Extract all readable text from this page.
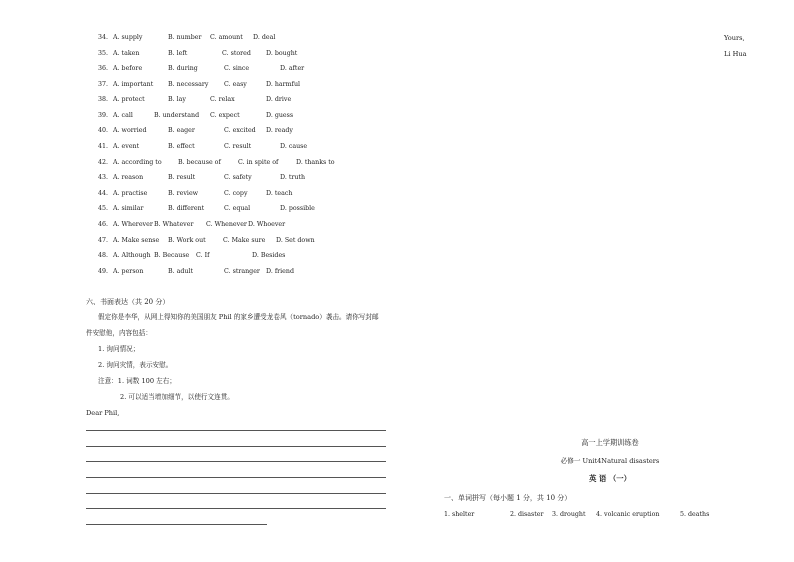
34. A. supply	B. number C. amount D. deal
35. A. taken	B. left	C. stored D. bought
36. A. before	B. during	C. since	D. after
37. A. important B. necessary C. easy	D. harmful
38. A. protect	B. lay	C. relax	D. drive
39. A. call	B. understand C. expect	D. guess
40. A. worried	B. eager	C. excited D. ready
41. A. event	B. effect	C. result	D. cause
42. A. according to	B. because of	C. in spite of	D. thanks to
43. A. reason	B. result	C. safety	D. truth
44. A. practise	B. review	C. copy	D. teach
45. A. similar	B. different	C. equal	D. possible
46. A. Wherever B. Whatever C. Whenever D. Whoever
47. A. Make sense B. Work out	C. Make sure D. Set down
48. A. Although B. Because C. If	D. Besides
49. A. person	B. adult	C. stranger D. friend
六、书面表达（共 20 分）
假定你是李华，从网上得知你的美国朋友 Phil 的家乡遭受龙卷风（tornado）袭击。请你写封邮
件安慰他，内容包括：
1. 询问情况；
2. 询问灾情，表示安慰。
注意：1. 词数 100 左右；
2. 可以适当增加细节，以使行文连贯。
Dear Phil,
Yours,
Li Hua
高一上学期训练卷
必修一 Unit4Natural disasters
英 语 （一）
一、单词拼写（每小题 1 分，共 10 分）
1. shelter	2. disaster 3. drought 4. volcanic eruption	5. deaths
